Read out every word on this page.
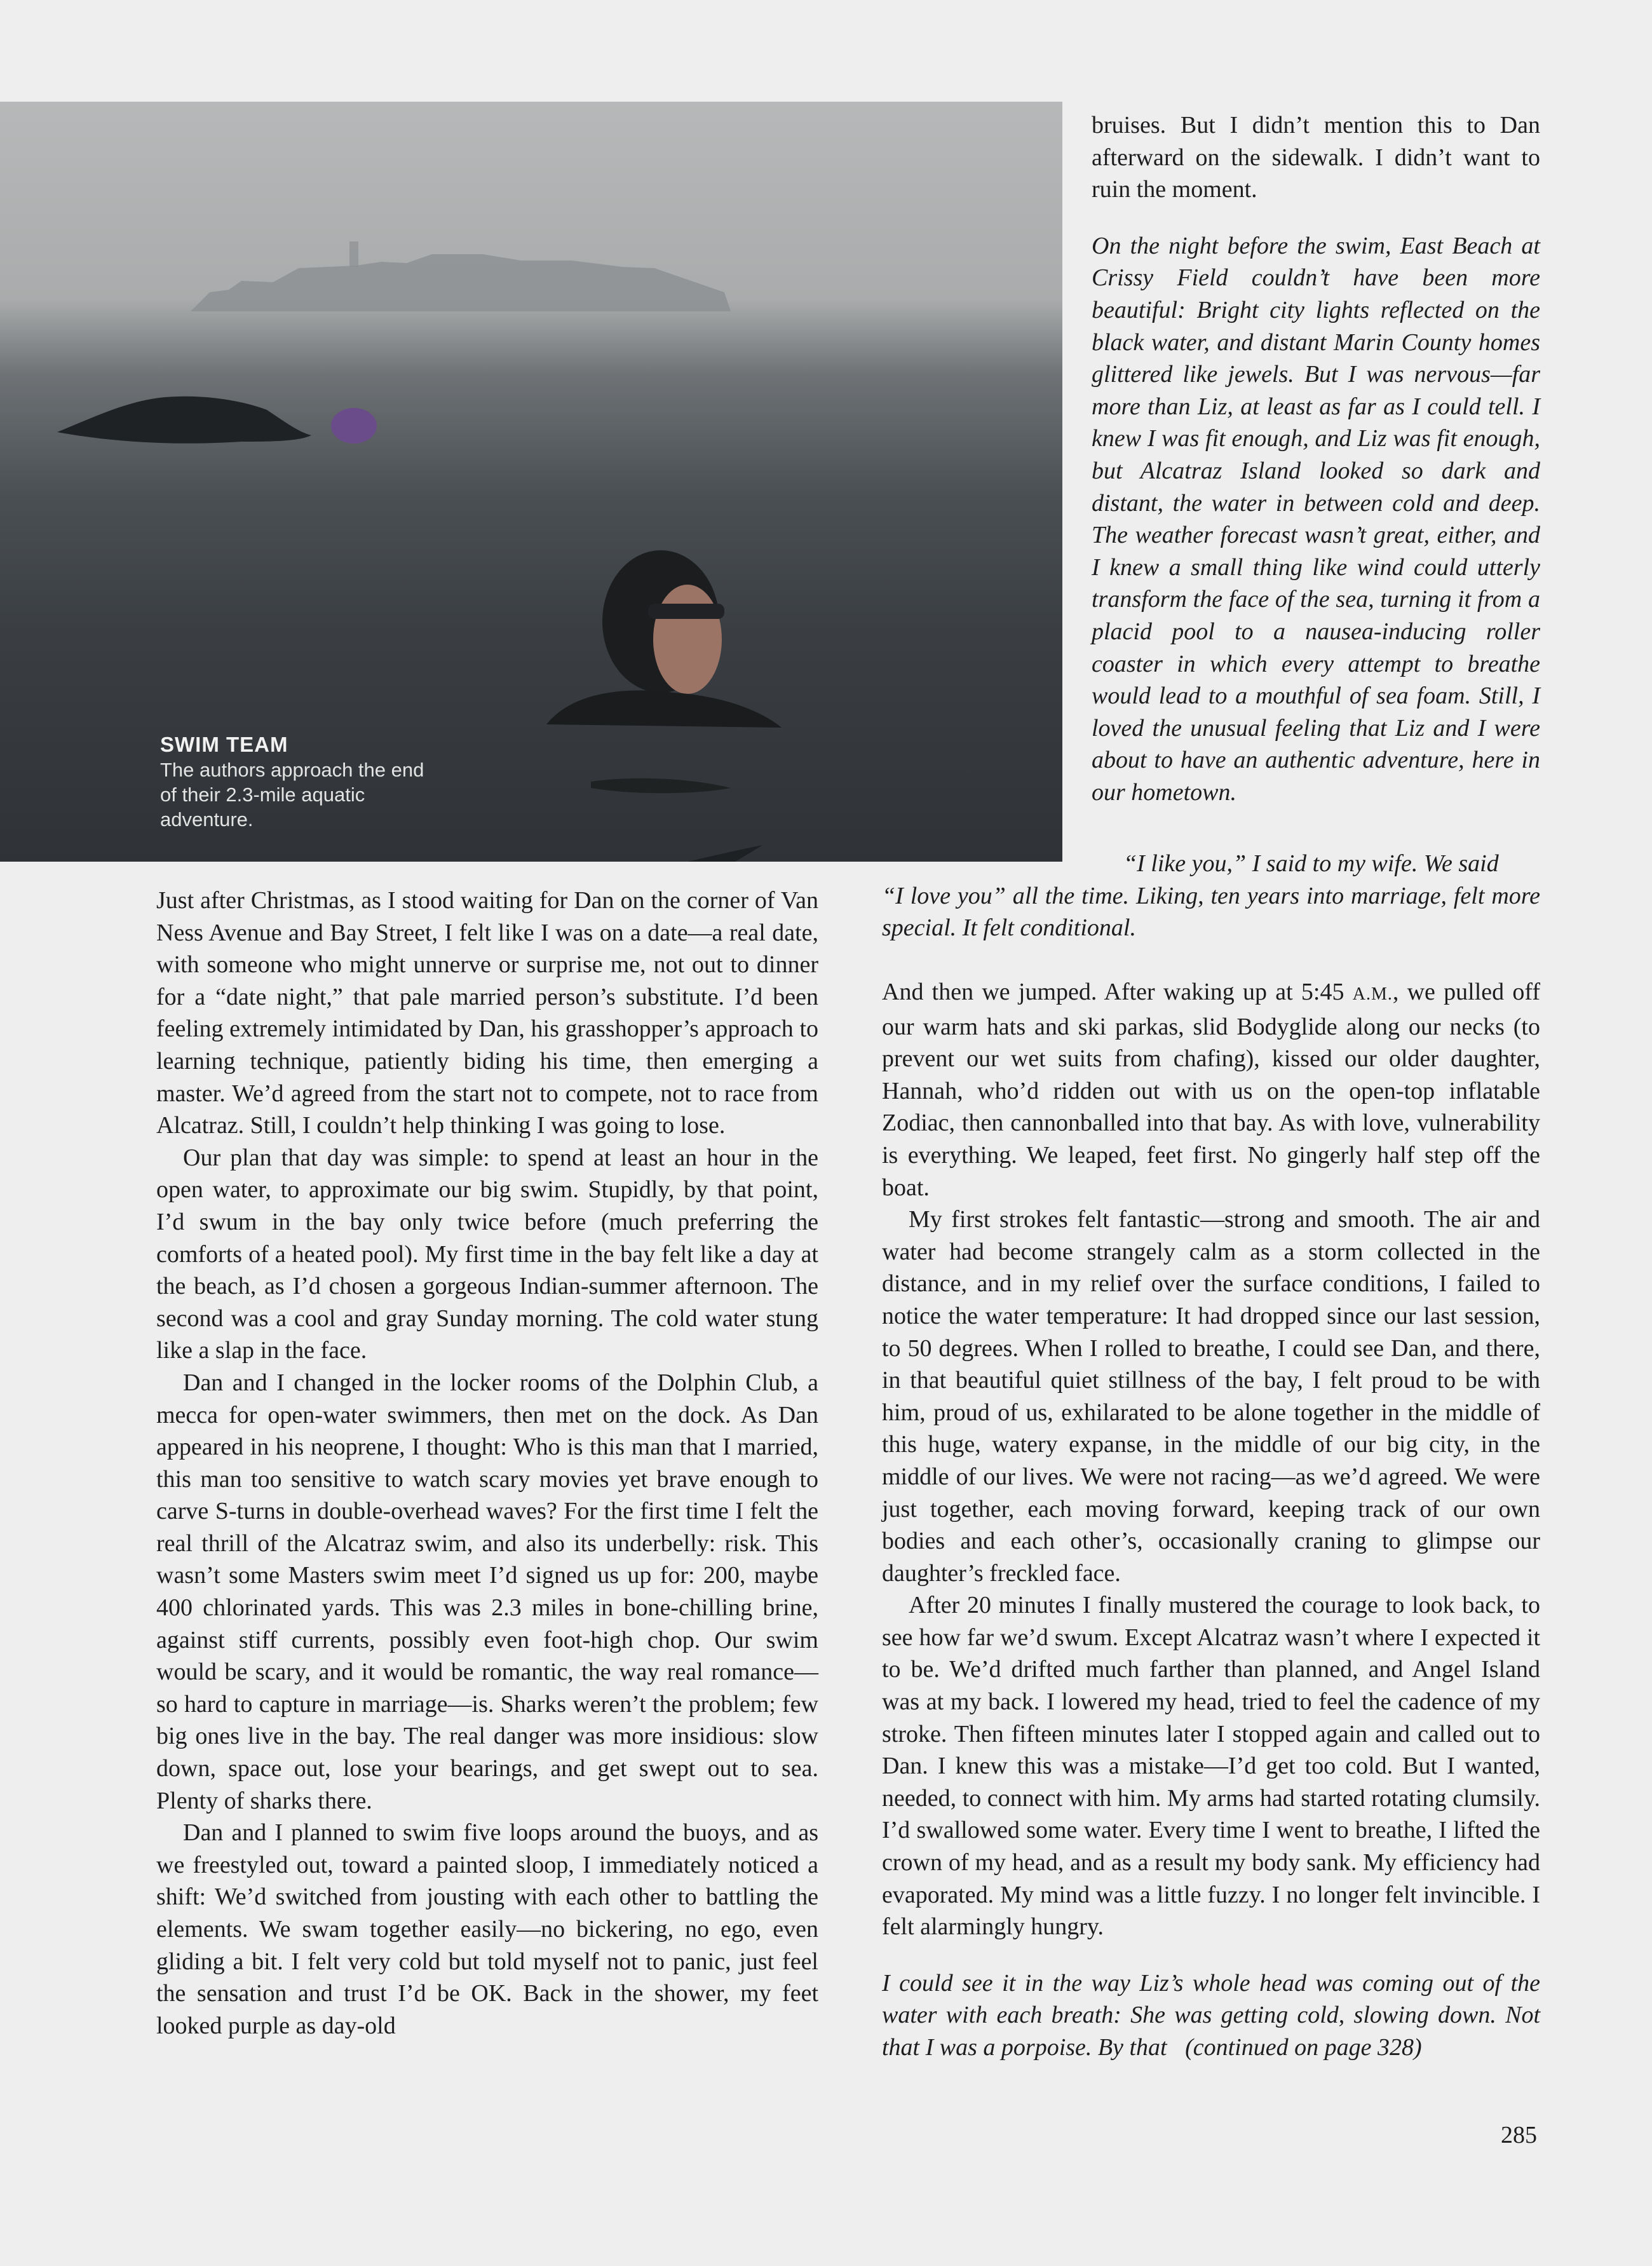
SWIM TEAM
The authors approach the end of their 2.3-mile aquatic adventure.

bruises. But I didn’t mention this to Dan afterward on the sidewalk. I didn’t want to ruin the moment.

On the night before the swim, East Beach at Crissy Field couldn’t have been more beautiful: Bright city lights reflected on the black water, and distant Marin County homes glittered like jewels. But I was nervous—far more than Liz, at least as far as I could tell. I knew I was fit enough, and Liz was fit enough, but Alcatraz Island looked so dark and distant, the water in between cold and deep. The weather forecast wasn’t great, either, and I knew a small thing like wind could utterly transform the face of the sea, turning it from a placid pool to a nausea-inducing roller coaster in which every attempt to breathe would lead to a mouthful of sea foam. Still, I loved the unusual feeling that Liz and I were about to have an authentic adventure, here in our hometown.

“I like you,” I said to my wife. We said
“I love you” all the time. Liking, ten years into marriage, felt more special. It felt conditional.

Just after Christmas, as I stood waiting for Dan on the corner of Van Ness Avenue and Bay Street, I felt like I was on a date—a real date, with someone who might unnerve or surprise me, not out to dinner for a “date night,” that pale married person’s substitute. I’d been feeling extremely intimidated by Dan, his grasshopper’s approach to learning technique, patiently biding his time, then emerging a master. We’d agreed from the start not to compete, not to race from Alcatraz. Still, I couldn’t help thinking I was going to lose.

Our plan that day was simple: to spend at least an hour in the open water, to approximate our big swim. Stupidly, by that point, I’d swum in the bay only twice before (much preferring the comforts of a heated pool). My first time in the bay felt like a day at the beach, as I’d chosen a gorgeous Indian-summer afternoon. The second was a cool and gray Sunday morning. The cold water stung like a slap in the face.

Dan and I changed in the locker rooms of the Dolphin Club, a mecca for open-water swimmers, then met on the dock. As Dan appeared in his neoprene, I thought: Who is this man that I married, this man too sensitive to watch scary movies yet brave enough to carve S-turns in double-overhead waves? For the first time I felt the real thrill of the Alcatraz swim, and also its underbelly: risk. This wasn’t some Masters swim meet I’d signed us up for: 200, maybe 400 chlorinated yards. This was 2.3 miles in bone-chilling brine, against stiff currents, possibly even foot-high chop. Our swim would be scary, and it would be romantic, the way real romance—so hard to capture in marriage—is. Sharks weren’t the problem; few big ones live in the bay. The real danger was more insidious: slow down, space out, lose your bearings, and get swept out to sea. Plenty of sharks there.

Dan and I planned to swim five loops around the buoys, and as we freestyled out, toward a painted sloop, I immediately noticed a shift: We’d switched from jousting with each other to battling the elements. We swam together easily—no bickering, no ego, even gliding a bit. I felt very cold but told myself not to panic, just feel the sensation and trust I’d be OK. Back in the shower, my feet looked purple as day-old

And then we jumped. After waking up at 5:45 A.M., we pulled off our warm hats and ski parkas, slid Bodyglide along our necks (to prevent our wet suits from chafing), kissed our older daughter, Hannah, who’d ridden out with us on the open-top inflatable Zodiac, then cannonballed into that bay. As with love, vulnerability is everything. We leaped, feet first. No gingerly half step off the boat.

My first strokes felt fantastic—strong and smooth. The air and water had become strangely calm as a storm collected in the distance, and in my relief over the surface conditions, I failed to notice the water temperature: It had dropped since our last session, to 50 degrees. When I rolled to breathe, I could see Dan, and there, in that beautiful quiet stillness of the bay, I felt proud to be with him, proud of us, exhilarated to be alone together in the middle of this huge, watery expanse, in the middle of our big city, in the middle of our lives. We were not racing—as we’d agreed. We were just together, each moving forward, keeping track of our own bodies and each other’s, occasionally craning to glimpse our daughter’s freckled face.

After 20 minutes I finally mustered the courage to look back, to see how far we’d swum. Except Alcatraz wasn’t where I expected it to be. We’d drifted much farther than planned, and Angel Island was at my back. I lowered my head, tried to feel the cadence of my stroke. Then fifteen minutes later I stopped again and called out to Dan. I knew this was a mistake—I’d get too cold. But I wanted, needed, to connect with him. My arms had started rotating clumsily. I’d swallowed some water. Every time I went to breathe, I lifted the crown of my head, and as a result my body sank. My efficiency had evaporated. My mind was a little fuzzy. I no longer felt invincible. I felt alarmingly hungry.

I could see it in the way Liz’s whole head was coming out of the water with each breath: She was getting cold, slowing down. Not that I was a porpoise. By that   (continued on page 328)

285
